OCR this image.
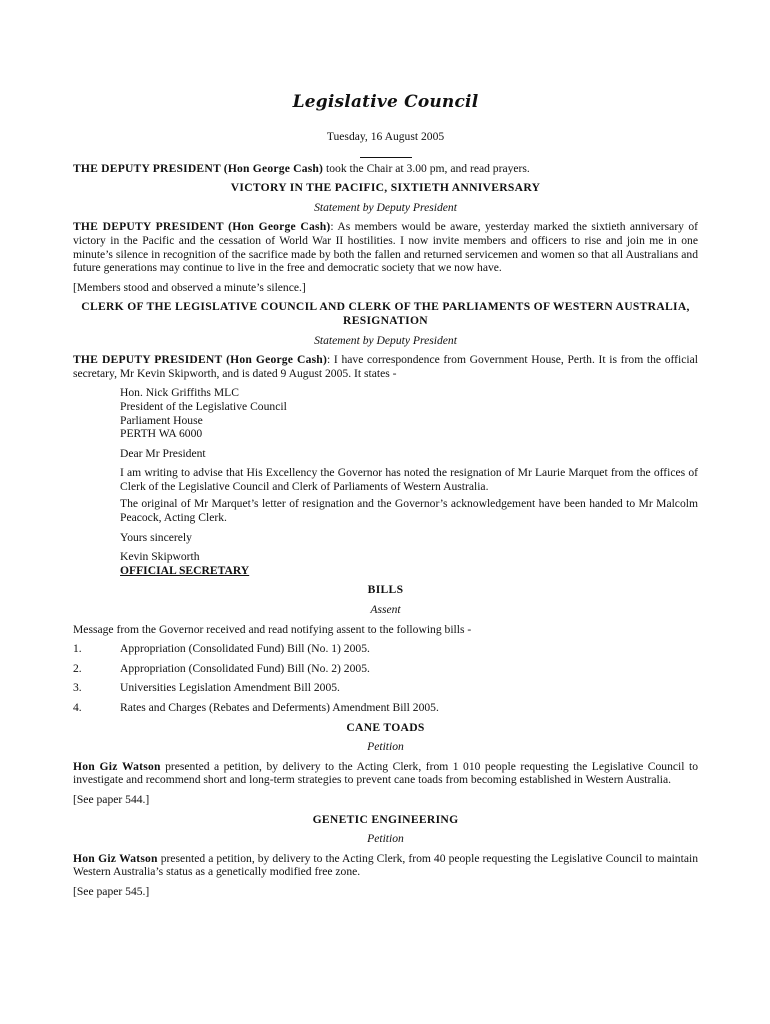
Legislative Council
Tuesday, 16 August 2005

THE DEPUTY PRESIDENT (Hon George Cash) took the Chair at 3.00 pm, and read prayers.

VICTORY IN THE PACIFIC, SIXTIETH ANNIVERSARY
Statement by Deputy President

THE DEPUTY PRESIDENT (Hon George Cash): As members would be aware, yesterday marked the sixtieth anniversary of victory in the Pacific and the cessation of World War II hostilities. I now invite members and officers to rise and join me in one minute’s silence in recognition of the sacrifice made by both the fallen and returned servicemen and women so that all Australians and future generations may continue to live in the free and democratic society that we now have.

[Members stood and observed a minute’s silence.]

CLERK OF THE LEGISLATIVE COUNCIL AND CLERK OF THE PARLIAMENTS OF WESTERN AUSTRALIA, RESIGNATION
Statement by Deputy President

THE DEPUTY PRESIDENT (Hon George Cash): I have correspondence from Government House, Perth. It is from the official secretary, Mr Kevin Skipworth, and is dated 9 August 2005. It states -

Hon. Nick Griffiths MLC
President of the Legislative Council
Parliament House
PERTH WA 6000

Dear Mr President

I am writing to advise that His Excellency the Governor has noted the resignation of Mr Laurie Marquet from the offices of Clerk of the Legislative Council and Clerk of Parliaments of Western Australia.

The original of Mr Marquet’s letter of resignation and the Governor’s acknowledgement have been handed to Mr Malcolm Peacock, Acting Clerk.

Yours sincerely

Kevin Skipworth

OFFICIAL SECRETARY

BILLS
Assent

Message from the Governor received and read notifying assent to the following bills -

1.	Appropriation (Consolidated Fund) Bill (No. 1) 2005.
2.	Appropriation (Consolidated Fund) Bill (No. 2) 2005.
3.	Universities Legislation Amendment Bill 2005.
4.	Rates and Charges (Rebates and Deferments) Amendment Bill 2005.
CANE TOADS
Petition

Hon Giz Watson presented a petition, by delivery to the Acting Clerk, from 1 010 people requesting the Legislative Council to investigate and recommend short and long-term strategies to prevent cane toads from becoming established in Western Australia.

[See paper 544.]

GENETIC ENGINEERING
Petition

Hon Giz Watson presented a petition, by delivery to the Acting Clerk, from 40 people requesting the Legislative Council to maintain Western Australia’s status as a genetically modified free zone.

[See paper 545.]
